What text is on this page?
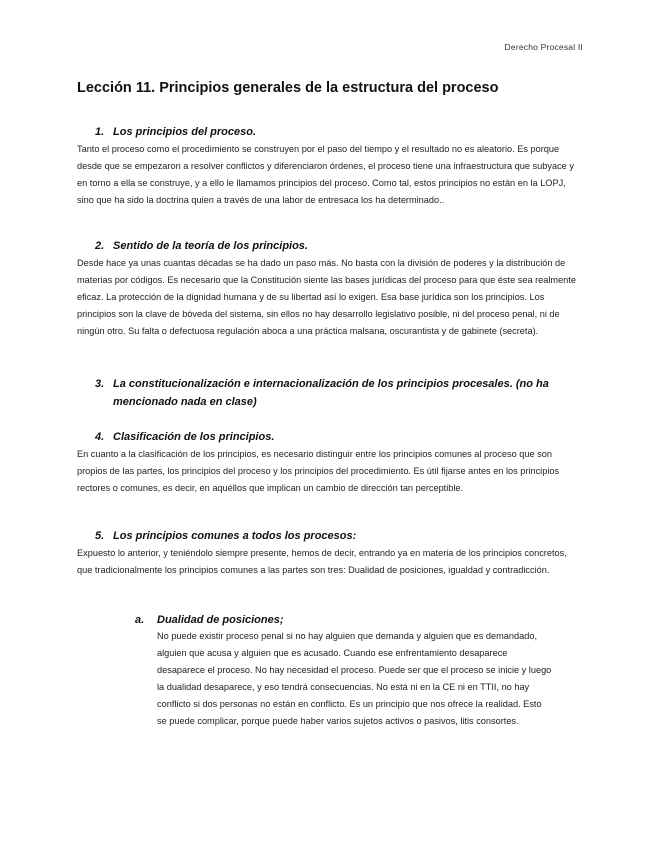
Derecho Procesal II
Lección 11. Principios generales de la estructura del proceso
1. Los principios del proceso.

Tanto el proceso como el procedimiento se construyen por el paso del tiempo y el resultado no es aleatorio. Es porque desde que se empezaron a resolver conflictos y diferenciaron órdenes, el proceso tiene una infraestructura que subyace y en torno a ella se construye, y a ello le llamamos principios del proceso. Como tal, estos principios no están en la LOPJ, sino que ha sido la doctrina quien a través de una labor de entresaca los ha determinado..

2. Sentido de la teoría de los principios.

Desde hace ya unas cuantas décadas se ha dado un paso más. No basta con la división de poderes y la distribución de materias por códigos. Es necesario que la Constitución siente las bases jurídicas del proceso para que éste sea realmente eficaz. La protección de la dignidad humana y de su libertad así lo exigen. Esa base jurídica son los principios. Los principios son la clave de bóveda del sistema, sin ellos no hay desarrollo legislativo posible, ni del proceso penal, ni de ningún otro. Su falta o defectuosa regulación aboca a una práctica malsana, oscurantista y de gabinete (secreta).

3. La constitucionalización e internacionalización de los principios procesales. (no ha mencionado nada en clase)
4. Clasificación de los principios.

En cuanto a la clasificación de los principios, es necesario distinguir entre los principios comunes al proceso que son propios de las partes, los principios del proceso y los principios del procedimiento. Es útil fijarse antes en los principios rectores o comunes, es decir, en aquéllos que implican un cambio de dirección tan perceptible.

5. Los principios comunes a todos los procesos:

Expuesto lo anterior, y teniéndolo siempre presente, hemos de decir, entrando ya en materia de los principios concretos, que tradicionalmente los principios comunes a las partes son tres: Dualidad de posiciones, igualdad y contradicción.

a.	Dualidad de posiciones;

No puede existir proceso penal si no hay alguien que demanda y alguien que es demandado, alguien que acusa y alguien que es acusado. Cuando ese enfrentamiento desaparece desaparece el proceso. No hay necesidad el proceso. Puede ser que el proceso se inicie y luego la dualidad desaparece, y eso tendrá consecuencias. No está ni en la CE ni en TTII, no hay conflicto si dos personas no están en conflicto. Es un principio que nos ofrece la realidad. Esto se puede complicar, porque puede haber varios sujetos activos o pasivos, litis consortes.
